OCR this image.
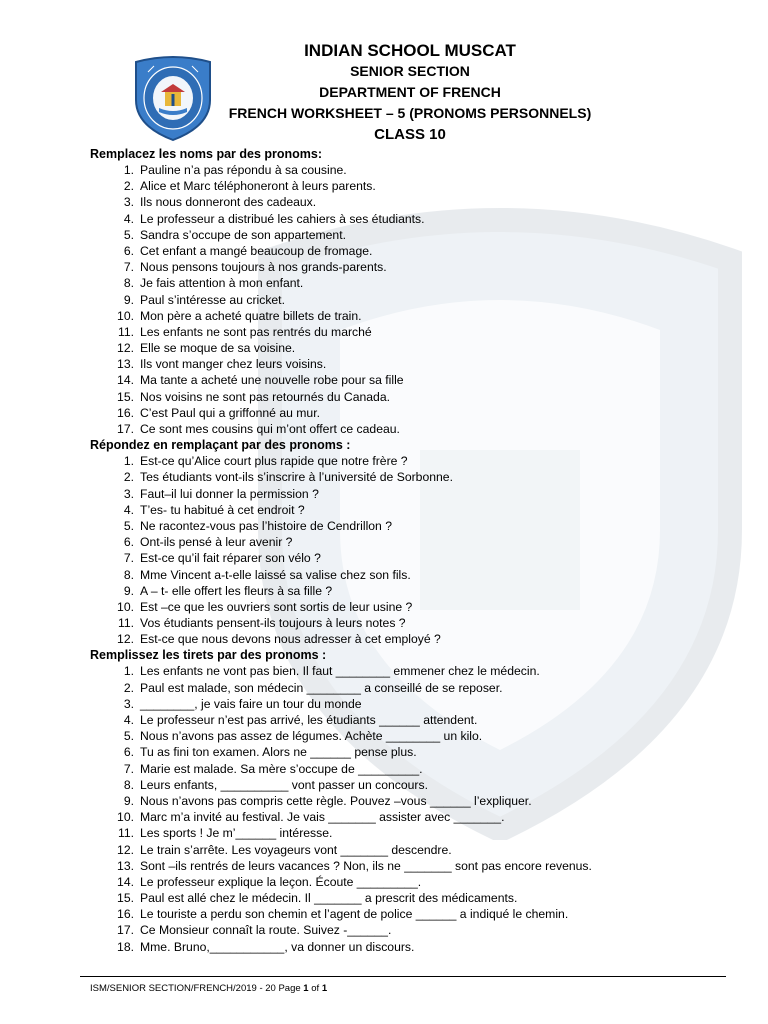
INDIAN SCHOOL MUSCAT
SENIOR SECTION
DEPARTMENT OF FRENCH
FRENCH WORKSHEET – 5 (PRONOMS PERSONNELS)
CLASS 10
Remplacez les noms par des pronoms:
1 . Pauline n’a pas répondu à sa cousine.
2 . Alice et Marc téléphoneront à leurs parents.
3 . Ils nous donneront des cadeaux.
4 . Le professeur a distribué les cahiers à ses étudiants.
5 . Sandra s’occupe de son appartement.
6 . Cet enfant a mangé beaucoup de fromage.
7 . Nous pensons toujours à nos grands-parents.
8 . Je fais attention à mon enfant.
9 . Paul s’intéresse au cricket.
10 . Mon père a acheté quatre billets de train.
11 . Les enfants ne sont pas rentrés du marché
12 . Elle se moque de sa voisine.
13 . Ils vont manger chez leurs voisins.
14 . Ma tante a acheté une nouvelle robe pour sa fille
15 . Nos voisins ne sont pas retournés du Canada.
16 . C’est Paul qui a griffonné au mur.
17 . Ce sont mes cousins qui m’ont offert ce cadeau.
Répondez en remplaçant par des pronoms :
1 . Est-ce qu’Alice court plus rapide que notre frère ?
2 . Tes étudiants vont-ils s’inscrire à l’université de Sorbonne.
3 . Faut–il lui donner la permission ?
4 . T’es- tu habitué à cet endroit ?
5 . Ne racontez-vous pas l’histoire de Cendrillon ?
6 . Ont-ils pensé à leur avenir ?
7 . Est-ce qu’il fait réparer son vélo ?
8 . Mme Vincent a-t-elle laissé sa valise chez son fils.
9 . A – t- elle offert les fleurs à sa fille ?
10 . Est –ce que les ouvriers sont sortis de leur usine ?
11 . Vos étudiants pensent-ils toujours à leurs notes ?
12 . Est-ce que nous devons nous adresser à cet employé ?
Remplissez les tirets par des pronoms :
1 . Les enfants ne vont pas bien. Il faut ________ emmener chez le médecin.
2 . Paul est malade, son médecin ________ a conseillé de se reposer.
3 . ________, je vais faire un tour du monde
4 . Le professeur n’est pas arrivé, les étudiants ______ attendent.
5 . Nous n’avons pas assez de légumes. Achète ________ un kilo.
6 . Tu as fini ton examen. Alors ne ______ pense plus.
7 . Marie est malade. Sa mère s’occupe de _________.
8 . Leurs enfants, __________ vont passer un concours.
9 . Nous n’avons pas compris cette règle. Pouvez –vous ______ l’expliquer.
10 . Marc m’a invité au festival. Je vais _______ assister avec _______.
11 . Les sports ! Je m’______ intéresse.
12 . Le train s’arrête. Les voyageurs vont _______ descendre.
13 . Sont –ils rentrés de leurs vacances ? Non, ils ne _______ sont pas encore revenus.
14 . Le professeur explique la leçon. Écoute _________.
15 . Paul est allé chez le médecin. Il _______ a prescrit des médicaments.
16 . Le touriste a perdu son chemin et l’agent de police ______ a indiqué le chemin.
17 . Ce Monsieur connaît la route. Suivez -______.
18 . Mme. Bruno,___________, va donner un discours.
ISM/SENIOR SECTION/FRENCH/2019 - 20 Page 1 of 1
